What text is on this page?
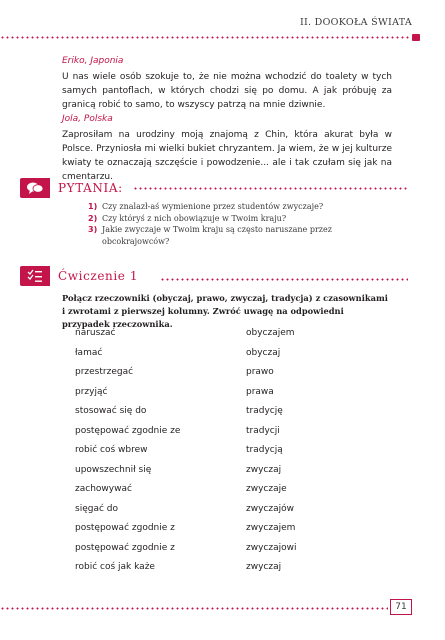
II. DOOKOŁA ŚWIATA
Eriko, Japonia
U nas wiele osób szokuje to, że nie można wchodzić do toalety w tych samych pantoflach, w których chodzi się po domu. A jak próbuję za granicą robić to samo, to wszyscy patrzą na mnie dziwnie.
Jola, Polska
Zaprosiłam na urodziny moją znajomą z Chin, która akurat była w Polsce. Przyniosła mi wielki bukiet chryzantem. Ja wiem, że w jej kulturze kwiaty te oznaczają szczęście i powodzenie... ale i tak czułam się jak na cmentarzu.
PYTANIA:
1) Czy znalazł-aś wymienione przez studentów zwyczaje?
2) Czy któryś z nich obowiązuje w Twoim kraju?
3) Jakie zwyczaje w Twoim kraju są często naruszane przez obcokrajowców?
Ćwiczenie 1
Połącz rzeczowniki (obyczaj, prawo, zwyczaj, tradycja) z czasownikami i zwrotami z pierwszej kolumny. Zwróć uwagę na odpowiedni przypadek rzeczownika.
naruszać
łamać
przestrzegać
przyjąć
stosować się do
postępować zgodnie ze
robić coś wbrew
upowszechnił się
zachowywać
sięgać do
postępować zgodnie z
postępować zgodnie z
robić coś jak każe
obyczajem
obyczaj
prawo
prawa
tradycję
tradycji
tradycją
zwyczaj
zwyczaje
zwyczajów
zwyczajem
zwyczajowi
zwyczaj
71
